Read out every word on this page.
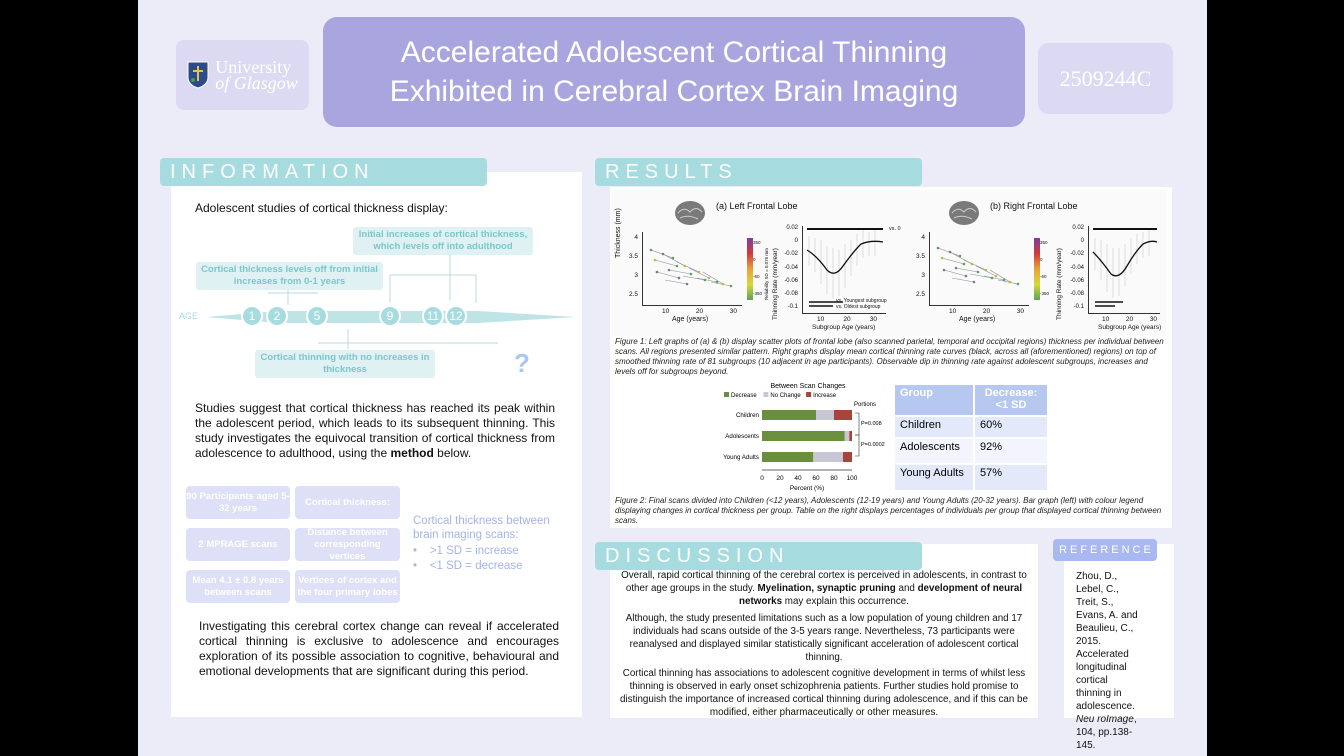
University
of Glasgow
Accelerated Adolescent Cortical Thinning Exhibited in Cerebral Cortex Brain Imaging	2509244C
INFORMATION
Adolescent studies of cortical thickness display:
AGE	1	2	5	9	11 12
Initial increases of cortical thickness, which levels off into adulthood
Cortical thickness levels off from initial increases from 0-1 years
Cortical thinning with no increases in thickness	?
Studies suggest that cortical thickness has reached its peak within the adolescent period, which leads to its subsequent thinning. This study investigates the equivocal transition of cortical thickness from adolescence to adulthood, using the method below.
90 Participants aged 5-32 years
2 MPRAGE scans
Mean 4.1 ± 0.8 years between scans
Cortical thickness:
Distance between corresponding vertices
Vertices of cortex and the four primary lobes
Cortical thickness between brain imaging scans:
•    >1 SD = increase
•    <1 SD = decrease
Investigating this cerebral cortex change can reveal if accelerated cortical thinning is exclusive to adolescence and encourages exploration of its possible association to cognitive, behavioural and emotional developments that are significant during this period.
RESULTS
(a) Left Frontal Lobe
Thickness (mm)	4
3.5
3
2.5
10	20	30
Age (years)
350
0
-60
-350 Reliability SD = 0.076 mm Thinning Rate (mm/year)
0.02
0
-0.02
-0.04
-0.06
-0.08
-0.1
vs. 0
vs. Youngest subgroup
vs. Oldest subgroup
10	20	30
Subgroup Age (years)
(b) Right Frontal Lobe
4
3.5
3
2.5
10	20	30
Age (years)
350
0
-60
-350 Thinning Rate (mm/year)
0.02
0
-0.02
-0.04
-0.06
-0.08
-0.1
10	20	30
Subgroup Age (years)
Figure 1: Left graphs of (a) & (b) display scatter plots of frontal lobe (also scanned parietal, temporal and occipital regions) thickness per individual between scans. All regions presented similar pattern. Right graphs display mean cortical thinning rate curves (black, across all (aforementioned) regions) on top of smoothed thinning rate of 81 subgroups (10 adjacent in age participants). Observable dip in thinning rate against adolescent subgroups, increases and levels off for subgroups beyond.
Between Scan Changes
Decrease No Change Increase
Portions
Children
Adolescents
Young Adults
0 20 40 60 80 100
Percent (%)
P=0.008
P=0.0002
Group	Decrease: <1 SD
Children	60%
Adolescents	92%
Young Adults	57%
Figure 2: Final scans divided into Children (<12 years), Adolescents (12-19 years) and Young Adults (20-32 years). Bar graph (left) with colour legend displaying changes in cortical thickness per group. Table on the right displays percentages of individuals per group that displayed cortical thinning between scans.
DISCUSSION
Overall, rapid cortical thinning of the cerebral cortex is perceived in adolescents, in contrast to other age groups in the study. Myelination, synaptic pruning and development of neural networks may explain this occurrence.
Although, the study presented limitations such as a low population of young children and 17 individuals had scans outside of the 3-5 years range. Nevertheless, 73 participants were reanalysed and displayed similar statistically significant acceleration of adolescent cortical thinning.
Cortical thinning has associations to adolescent cognitive development in terms of whilst less thinning is observed in early onset schizophrenia patients. Further studies hold promise to distinguish the importance of increased cortical thinning during adolescence, and if this can be modified, either pharmaceutically or other measures.
REFERENCE
Zhou, D., Lebel, C., Treit, S., Evans, A. and Beaulieu, C., 2015. Accelerated longitudinal cortical thinning in adolescence. Neu roImage, 104, pp.138-145.
